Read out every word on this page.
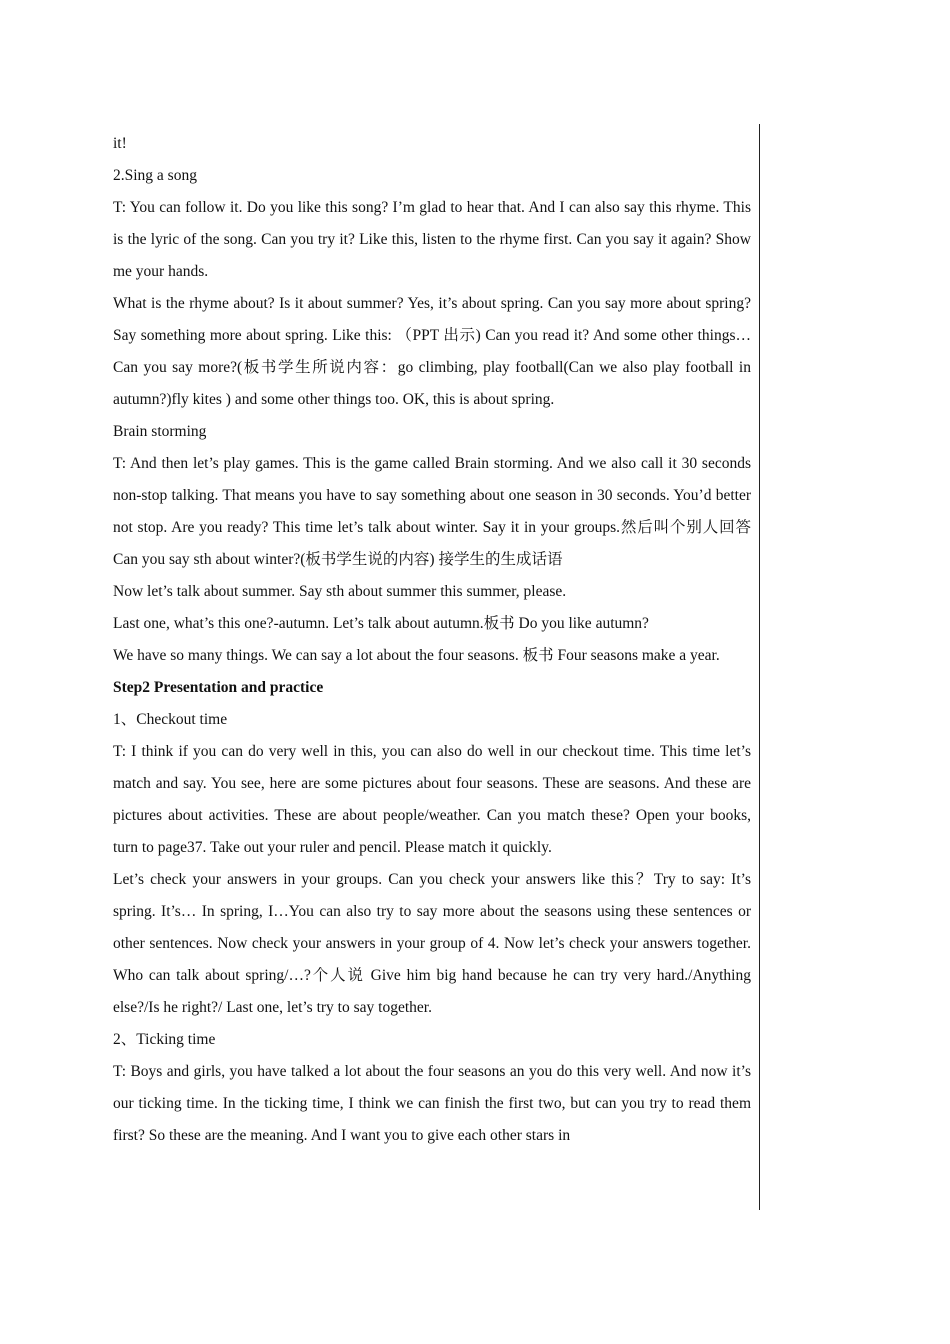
it!

2.Sing a song

T: You can follow it. Do you like this song? I’m glad to hear that. And I can also say this rhyme. This is the lyric of the song. Can you try it? Like this, listen to the rhyme first. Can you say it again? Show me your hands.

What is the rhyme about? Is it about summer? Yes, it’s about spring. Can you say more about spring? Say something more about spring. Like this: （PPT 出示) Can you read it? And some other things…Can you say more?(板书学生所说内容：go climbing, play football(Can we also play football in autumn?)fly kites ) and some other things too. OK, this is about spring.

Brain storming

T: And then let’s play games. This is the game called Brain storming. And we also call it 30 seconds non-stop talking. That means you have to say something about one season in 30 seconds. You’d better not stop. Are you ready? This time let’s talk about winter. Say it in your groups.然后叫个别人回答 Can you say sth about winter?(板书学生说的内容) 接学生的生成话语

Now let’s talk about summer. Say sth about summer this summer, please.

Last one, what’s this one?-autumn. Let’s talk about autumn.板书 Do you like autumn?

We have so many things. We can say a lot about the four seasons. 板书 Four seasons make a year.

Step2 Presentation and practice

1、Checkout time

T: I think if you can do very well in this, you can also do well in our checkout time. This time let’s match and say. You see, here are some pictures about four seasons. These are seasons. And these are pictures about activities. These are about people/weather. Can you match these? Open your books, turn to page37. Take out your ruler and pencil. Please match it quickly.

Let’s check your answers in your groups. Can you check your answers like this？Try to say: It’s spring. It’s… In spring, I…You can also try to say more about the seasons using these sentences or other sentences. Now check your answers in your group of 4. Now let’s check your answers together. Who can talk about spring/…?个人说 Give him big hand because he can try very hard./Anything else?/Is he right?/ Last one, let’s try to say together.

2、Ticking time

T: Boys and girls, you have talked a lot about the four seasons an you do this very well. And now it’s our ticking time. In the ticking time, I think we can finish the first two, but can you try to read them first? So these are the meaning. And I want you to give each other stars in
